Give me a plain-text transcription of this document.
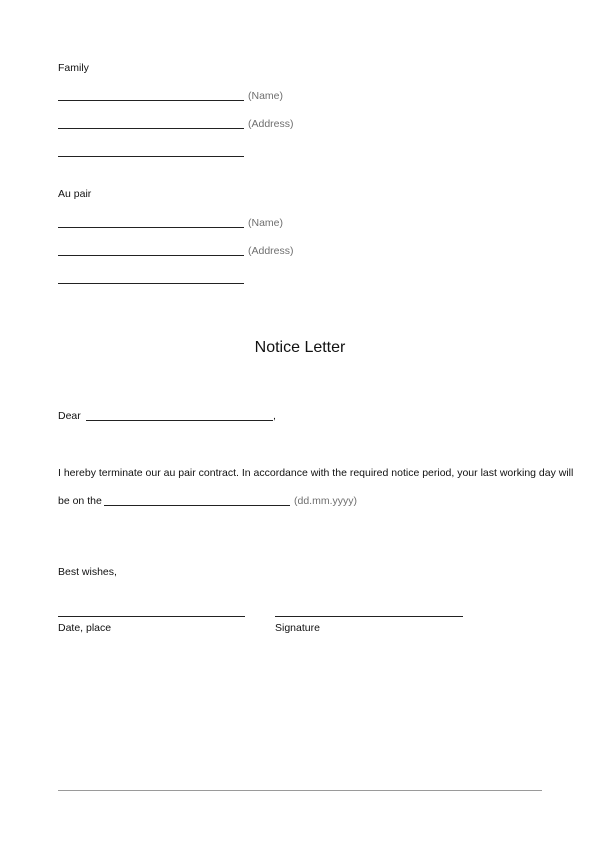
Family
(Name)
(Address)
Au pair
(Name)
(Address)
Notice Letter
Dear	,
I hereby terminate our au pair contract. In accordance with the required notice period, your last working day will
be on the	(dd.mm.yyyy)
Best wishes,
Date, place	Signature
